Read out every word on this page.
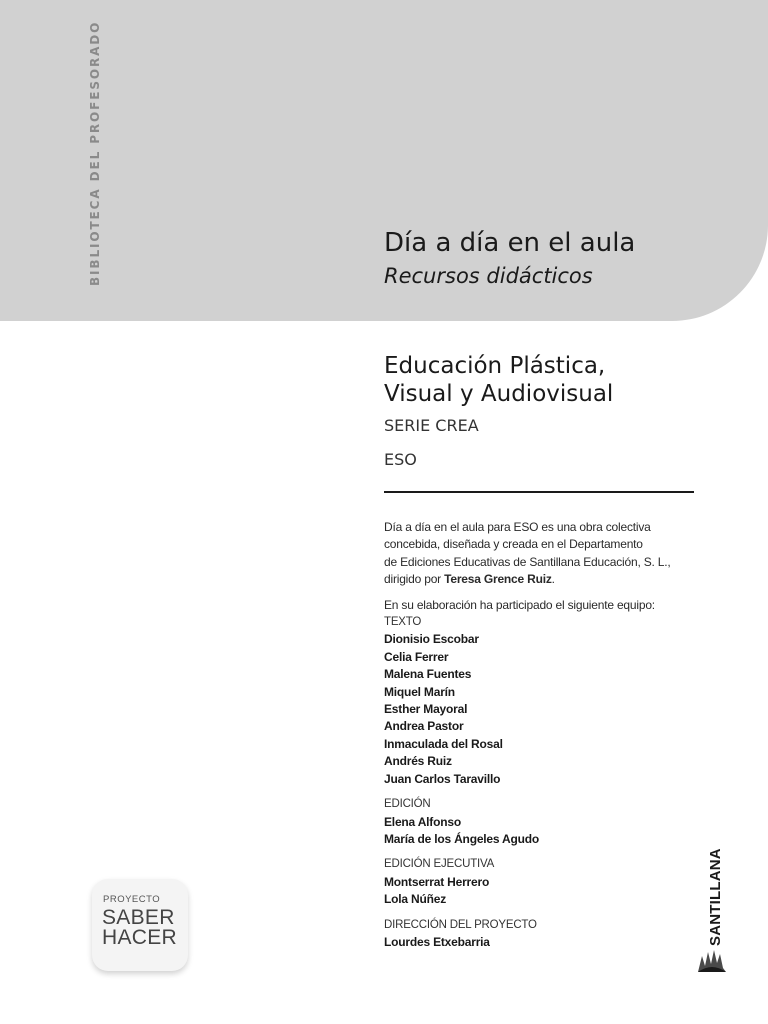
BIBLIOTECA DEL PROFESORADO	Día a día en el aula
Recursos didácticos
Educación Plástica,
Visual y Audiovisual
SERIE CREA
ESO

Día a día en el aula para ESO es una obra colectiva
concebida, diseñada y creada en el Departamento
de Ediciones Educativas de Santillana Educación, S. L.,
dirigido por Teresa Grence Ruiz.

En su elaboración ha participado el siguiente equipo:

TEXTO

Dionisio Escobar

Celia Ferrer

Malena Fuentes

Miquel Marín

Esther Mayoral

Andrea Pastor

Inmaculada del Rosal

Andrés Ruiz

Juan Carlos Taravillo

EDICIÓN

Elena Alfonso

María de los Ángeles Agudo

EDICIÓN EJECUTIVA

Montserrat Herrero

Lola Núñez

DIRECCIÓN DEL PROYECTO

Lourdes Etxebarria

PROYECTO
SABER
HACER	SANTILLANA
